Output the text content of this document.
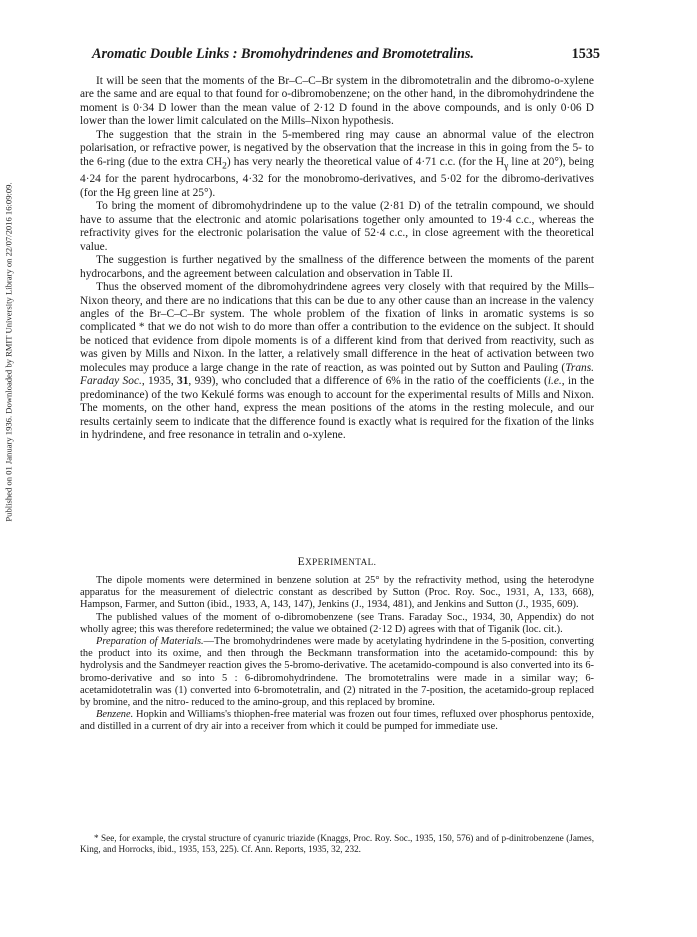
Published on 01 January 1936. Downloaded by RMIT University Library on 22/07/2016 16:09:09.
Aromatic Double Links : Bromohydrindenes and Bromotetralins.	1535

It will be seen that the moments of the Br–C–C–Br system in the dibromotetralin and the dibromo-o-xylene are the same and are equal to that found for o-dibromobenzene; on the other hand, in the dibromohydrindene the moment is 0·34 D lower than the mean value of 2·12 D found in the above compounds, and is only 0·06 D lower than the lower limit calculated on the Mills–Nixon hypothesis.

The suggestion that the strain in the 5-membered ring may cause an abnormal value of the electron polarisation, or refractive power, is negatived by the observation that the increase in this in going from the 5- to the 6-ring (due to the extra $CH_2$) has very nearly the theoretical value of 4·71 c.c. (for the $H_\gamma$ line at 20°), being 4·24 for the parent hydrocarbons, 4·32 for the monobromo-derivatives, and 5·02 for the dibromo-derivatives (for the Hg green line at 25°).

To bring the moment of dibromohydrindene up to the value (2·81 D) of the tetralin compound, we should have to assume that the electronic and atomic polarisations together only amounted to 19·4 c.c., whereas the refractivity gives for the electronic polarisation the value of 52·4 c.c., in close agreement with the theoretical value.

The suggestion is further negatived by the smallness of the difference between the moments of the parent hydrocarbons, and the agreement between calculation and observation in Table II.

Thus the observed moment of the dibromohydrindene agrees very closely with that required by the Mills–Nixon theory, and there are no indications that this can be due to any other cause than an increase in the valency angles of the Br–C–C–Br system. The whole problem of the fixation of links in aromatic systems is so complicated * that we do not wish to do more than offer a contribution to the evidence on the subject. It should be noticed that evidence from dipole moments is of a different kind from that derived from reactivity, such as was given by Mills and Nixon. In the latter, a relatively small difference in the heat of activation between two molecules may produce a large change in the rate of reaction, as was pointed out by Sutton and Pauling (Trans. Faraday Soc., 1935, 31, 939), who concluded that a difference of 6% in the ratio of the coefficients (i.e., in the predominance) of the two Kekulé forms was enough to account for the experimental results of Mills and Nixon. The moments, on the other hand, express the mean positions of the atoms in the resting molecule, and our results certainly seem to indicate that the difference found is exactly what is required for the fixation of the links in hydrindene, and free resonance in tetralin and o-xylene.

EXPERIMENTAL.

The dipole moments were determined in benzene solution at 25° by the refractivity method, using the heterodyne apparatus for the measurement of dielectric constant as described by Sutton (Proc. Roy. Soc., 1931, A, 133, 668), Hampson, Farmer, and Sutton (ibid., 1933, A, 143, 147), Jenkins (J., 1934, 481), and Jenkins and Sutton (J., 1935, 609).

The published values of the moment of o-dibromobenzene (see Trans. Faraday Soc., 1934, 30, Appendix) do not wholly agree; this was therefore redetermined; the value we obtained (2·12 D) agrees with that of Tiganik (loc. cit.).

Preparation of Materials.—The bromohydrindenes were made by acetylating hydrindene in the 5-position, converting the product into its oxime, and then through the Beckmann transformation into the acetamido-compound: this by hydrolysis and the Sandmeyer reaction gives the 5-bromo-derivative. The acetamido-compound is also converted into its 6-bromo-derivative and so into 5 : 6-dibromohydrindene. The bromotetralins were made in a similar way; 6-acetamidotetralin was (1) converted into 6-bromotetralin, and (2) nitrated in the 7-position, the acetamido-group replaced by bromine, and the nitro- reduced to the amino-group, and this replaced by bromine.

Benzene. Hopkin and Williams's thiophen-free material was frozen out four times, refluxed over phosphorus pentoxide, and distilled in a current of dry air into a receiver from which it could be pumped for immediate use.

* See, for example, the crystal structure of cyanuric triazide (Knaggs, Proc. Roy. Soc., 1935, 150, 576) and of p-dinitrobenzene (James, King, and Horrocks, ibid., 1935, 153, 225). Cf. Ann. Reports, 1935, 32, 232.
